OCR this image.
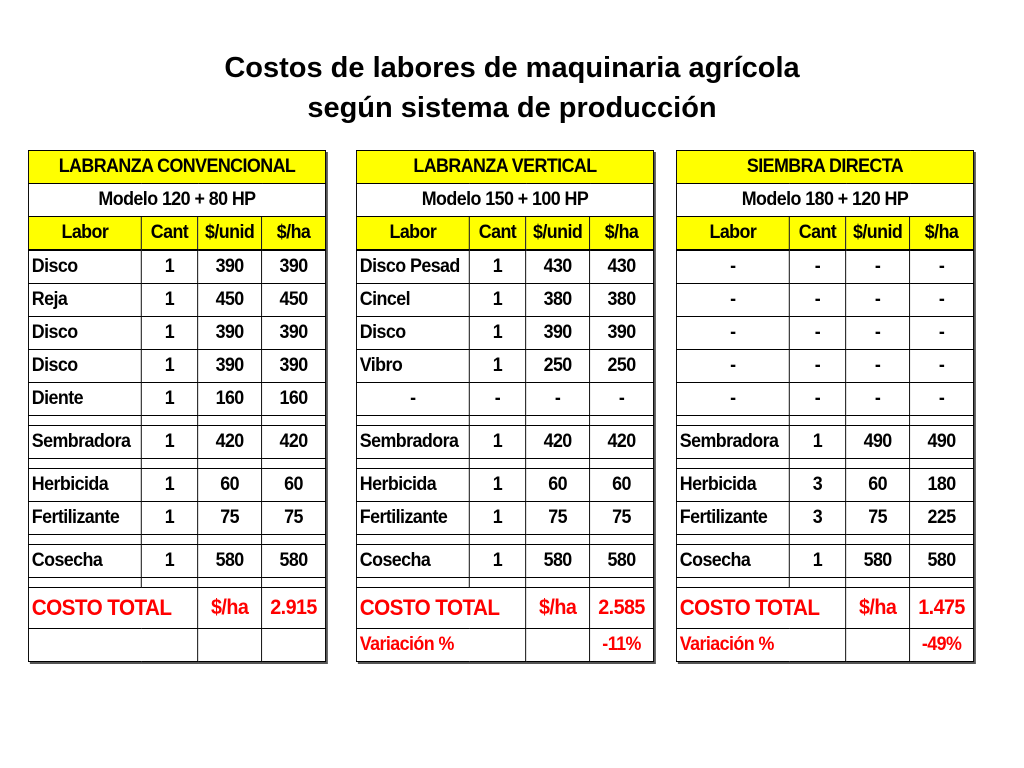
Costos de labores de maquinaria agrícola
según sistema de producción
LABRANZA CONVENCIONAL			
Modelo 120 + 80 HP			
Labor	Cant	$/unid	$/ha
Disco	1	390	390
Reja	1	450	450
Disco	1	390	390
Disco	1	390	390
Diente	1	160	160

Sembradora	1	420	420

Herbicida	1	60	60
Fertilizante	1	75	75

Cosecha	1	580	580

COSTO TOTAL		$/ha	2.915

LABRANZA VERTICAL			
Modelo 150 + 100 HP			
Labor	Cant	$/unid	$/ha
Disco Pesad	1	430	430
Cincel	1	380	380
Disco	1	390	390
Vibro	1	250	250
-	-	-	-

Sembradora	1	420	420

Herbicida	1	60	60
Fertilizante	1	75	75

Cosecha	1	580	580

COSTO TOTAL		$/ha	2.585
Variación %			-11%
SIEMBRA DIRECTA			
Modelo 180 + 120 HP			
Labor	Cant	$/unid	$/ha
-	-	-	-
-	-	-	-
-	-	-	-
-	-	-	-
-	-	-	-

Sembradora	1	490	490

Herbicida	3	60	180
Fertilizante	3	75	225

Cosecha	1	580	580

COSTO TOTAL		$/ha	1.475
Variación %			-49%
